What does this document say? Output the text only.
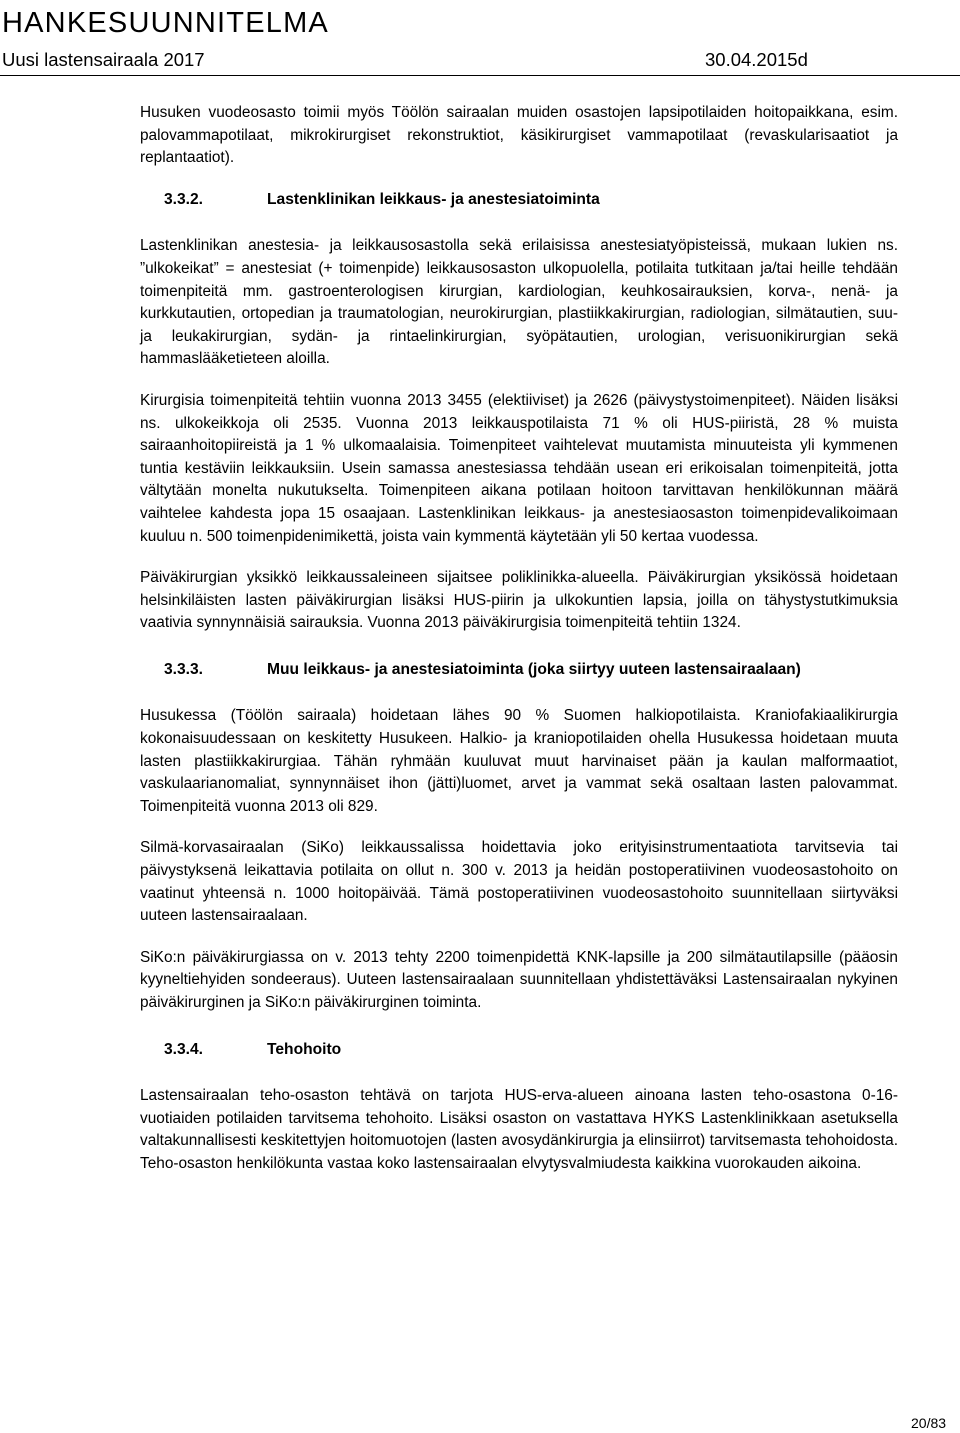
HANKESUUNNITELMA
Uusi lastensairaala 2017	30.04.2015d

Husuken vuodeosasto toimii myös Töölön sairaalan muiden osastojen lapsipotilaiden hoitopaikkana, esim. palovammapotilaat, mikrokirurgiset rekonstruktiot, käsikirurgiset vammapotilaat (revaskularisaatiot ja replantaatiot).

3.3.2.	Lastenklinikan leikkaus- ja anestesiatoiminta

Lastenklinikan anestesia- ja leikkausosastolla sekä erilaisissa anestesiatyöpisteissä, mukaan lukien ns. ”ulkokeikat” = anestesiat (+ toimenpide) leikkausosaston ulkopuolella, potilaita tutkitaan ja/tai heille tehdään toimenpiteitä mm. gastroenterologisen kirurgian, kardiologian, keuhkosairauksien, korva-, nenä- ja kurkkutautien, ortopedian ja traumatologian, neurokirurgian, plastiikkakirurgian, radiologian, silmätautien, suu- ja leukakirurgian, sydän- ja rintaelinkirurgian, syöpätautien, urologian, verisuonikirurgian sekä hammaslääketieteen aloilla.

Kirurgisia toimenpiteitä tehtiin vuonna 2013 3455 (elektiiviset) ja 2626 (päivystystoimenpiteet). Näiden lisäksi ns. ulkokeikkoja oli 2535. Vuonna 2013 leikkauspotilaista 71 % oli HUS-piiristä, 28 % muista sairaanhoitopiireistä ja 1 % ulkomaalaisia. Toimenpiteet vaihtelevat muutamista minuuteista yli kymmenen tuntia kestäviin leikkauksiin. Usein samassa anestesiassa tehdään usean eri erikoisalan toimenpiteitä, jotta vältytään monelta nukutukselta. Toimenpiteen aikana potilaan hoitoon tarvittavan henkilökunnan määrä vaihtelee kahdesta jopa 15 osaajaan. Lastenklinikan leikkaus- ja anestesiaosaston toimenpidevalikoimaan kuuluu n. 500 toimenpidenimikettä, joista vain kymmentä käytetään yli 50 kertaa vuodessa.

Päiväkirurgian yksikkö leikkaussaleineen sijaitsee poliklinikka-alueella. Päiväkirurgian yksikössä hoidetaan helsinkiläisten lasten päiväkirurgian lisäksi HUS-piirin ja ulkokuntien lapsia, joilla on tähystystutkimuksia vaativia synnynnäisiä sairauksia. Vuonna 2013 päiväkirurgisia toimenpiteitä tehtiin 1324.

3.3.3.	Muu leikkaus- ja anestesiatoiminta (joka siirtyy uuteen lastensairaalaan)

Husukessa (Töölön sairaala) hoidetaan lähes 90 % Suomen halkiopotilaista. Kraniofakiaalikirurgia kokonaisuudessaan on keskitetty Husukeen. Halkio- ja kraniopotilaiden ohella Husukessa hoidetaan muuta lasten plastiikkakirurgiaa. Tähän ryhmään kuuluvat muut harvinaiset pään ja kaulan malformaatiot, vaskulaarianomaliat, synnynnäiset ihon (jätti)luomet, arvet ja vammat sekä osaltaan lasten palovammat. Toimenpiteitä vuonna 2013 oli 829.

Silmä-korvasairaalan (SiKo) leikkaussalissa hoidettavia joko erityisinstrumentaatiota tarvitsevia tai päivystyksenä leikattavia potilaita on ollut n. 300 v. 2013 ja heidän postoperatiivinen vuodeosastohoito on vaatinut yhteensä n. 1000 hoitopäivää. Tämä postoperatiivinen vuodeosastohoito suunnitellaan siirtyväksi uuteen lastensairaalaan.

SiKo:n päiväkirurgiassa on v. 2013 tehty 2200 toimenpidettä KNK-lapsille ja 200 silmätautilapsille (pääosin kyyneltiehyiden sondeeraus). Uuteen lastensairaalaan suunnitellaan yhdistettäväksi Lastensairaalan nykyinen päiväkirurginen ja SiKo:n päiväkirurginen toiminta.

3.3.4.	Tehohoito

Lastensairaalan teho-osaston tehtävä on tarjota HUS-erva-alueen ainoana lasten teho-osastona 0-16-vuotiaiden potilaiden tarvitsema tehohoito. Lisäksi osaston on vastattava HYKS Lastenklinikkaan asetuksella valtakunnallisesti keskitettyjen hoitomuotojen (lasten avosydänkirurgia ja elinsiirrot) tarvitsemasta tehohoidosta. Teho-osaston henkilökunta vastaa koko lastensairaalan elvytysvalmiudesta kaikkina vuorokauden aikoina.

20/83
